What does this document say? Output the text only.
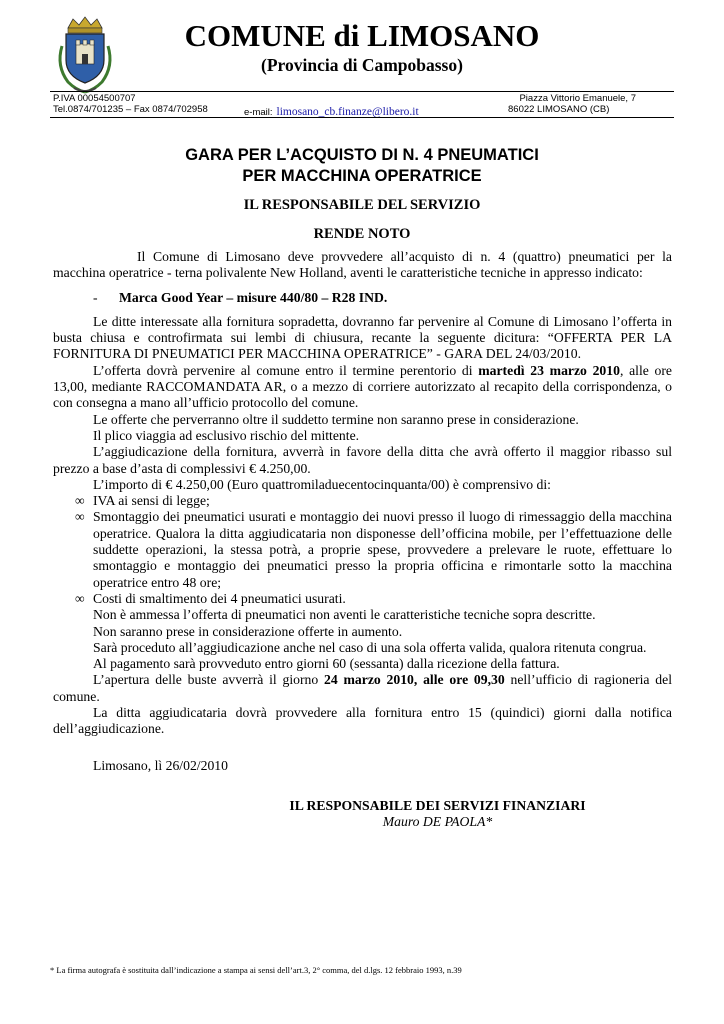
COMUNE di LIMOSANO
(Provincia di Campobasso)
P.IVA 00054500707	Piazza Vittorio Emanuele, 7
Tel.0874/701235 – Fax 0874/702958	e-mail: limosano_cb.finanze@libero.it	86022 LIMOSANO (CB)
GARA PER L’ACQUISTO DI N. 4 PNEUMATICI
PER MACCHINA OPERATRICE
IL RESPONSABILE DEL SERVIZIO
RENDE NOTO

Il Comune di Limosano deve provvedere all’acquisto di n. 4 (quattro) pneumatici per la macchina operatrice - terna polivalente New Holland, aventi le caratteristiche tecniche in appresso indicato:

- Marca Good Year – misure 440/80 – R28 IND.

Le ditte interessate alla fornitura sopradetta, dovranno far pervenire al Comune di Limosano l’offerta in busta chiusa e controfirmata sui lembi di chiusura, recante la seguente dicitura: “OFFERTA PER LA FORNITURA DI PNEUMATICI PER MACCHINA OPERATRICE” - GARA DEL 24/03/2010.

L’offerta dovrà pervenire al comune entro il termine perentorio di martedì 23 marzo 2010, alle ore 13,00, mediante RACCOMANDATA AR, o a mezzo di corriere autorizzato al recapito della corrispondenza, o con consegna a mano all’ufficio protocollo del comune.

Le offerte che perverranno oltre il suddetto termine non saranno prese in considerazione.

Il plico viaggia ad esclusivo rischio del mittente.

L’aggiudicazione della fornitura, avverrà in favore della ditta che avrà offerto il maggior ribasso sul prezzo a base d’asta di complessivi € 4.250,00.

L’importo di € 4.250,00 (Euro quattromiladuecentocinquanta/00) è comprensivo di:

∞ IVA ai sensi di legge;

∞ Smontaggio dei pneumatici usurati e montaggio dei nuovi presso il luogo di rimessaggio della macchina operatrice. Qualora la ditta aggiudicataria non disponesse dell’officina mobile, per l’effettuazione delle suddette operazioni, la stessa potrà, a proprie spese, provvedere a prelevare le ruote, effettuare lo smontaggio e montaggio dei pneumatici presso la propria officina e rimontarle sotto la macchina operatrice entro 48 ore;

∞ Costi di smaltimento dei 4 pneumatici usurati.

Non è ammessa l’offerta di pneumatici non aventi le caratteristiche tecniche sopra descritte.

Non saranno prese in considerazione offerte in aumento.

Sarà proceduto all’aggiudicazione anche nel caso di una sola offerta valida, qualora ritenuta congrua.

Al pagamento sarà provveduto entro giorni 60 (sessanta) dalla ricezione della fattura.

L’apertura delle buste avverrà il giorno 24 marzo 2010, alle ore 09,30 nell’ufficio di ragioneria del comune.

La ditta aggiudicataria dovrà provvedere alla fornitura entro 15 (quindici) giorni dalla notifica dell’aggiudicazione.

Limosano, lì 26/02/2010

IL RESPONSABILE DEI SERVIZI FINANZIARI

Mauro DE PAOLA*

* La firma autografa è sostituita dall’indicazione a stampa ai sensi dell’art.3, 2° comma, del d.lgs. 12 febbraio 1993, n.39
